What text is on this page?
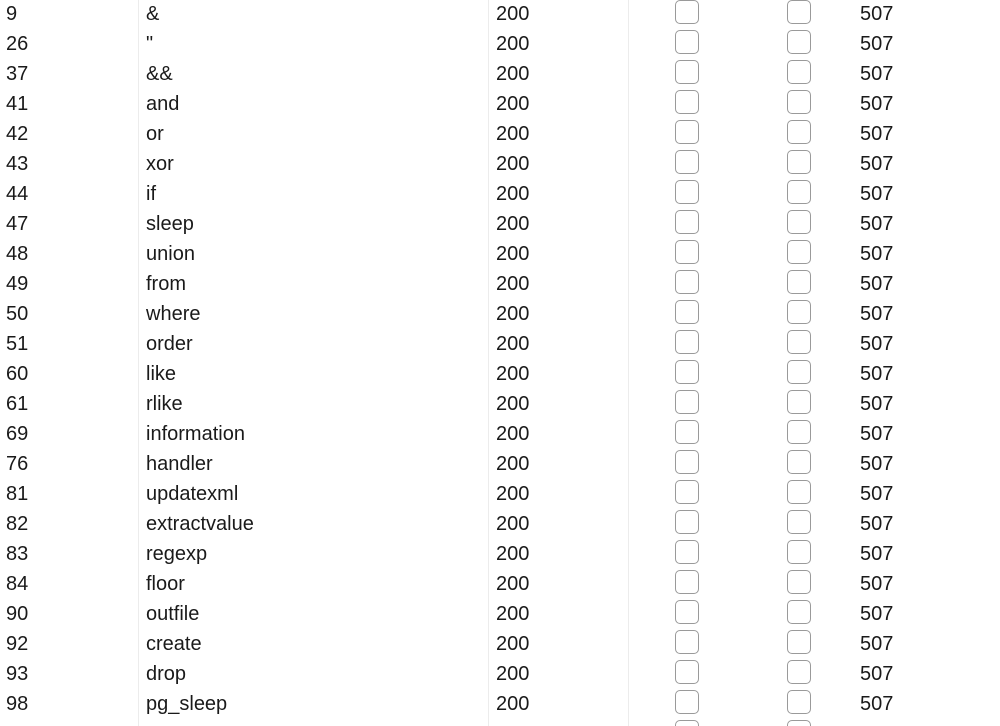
9	&	200	507
26	"	200	507
37	&&	200	507
41	and	200	507
42	or	200	507
43	xor	200	507
44	if	200	507
47	sleep	200	507
48	union	200	507
49	from	200	507
50	where	200	507
51	order	200	507
60	like	200	507
61	rlike	200	507
69	information	200	507
76	handler	200	507
81	updatexml	200	507
82	extractvalue	200	507
83	regexp	200	507
84	floor	200	507
90	outfile	200	507
92	create	200	507
93	drop	200	507
98	pg_sleep	200	507
